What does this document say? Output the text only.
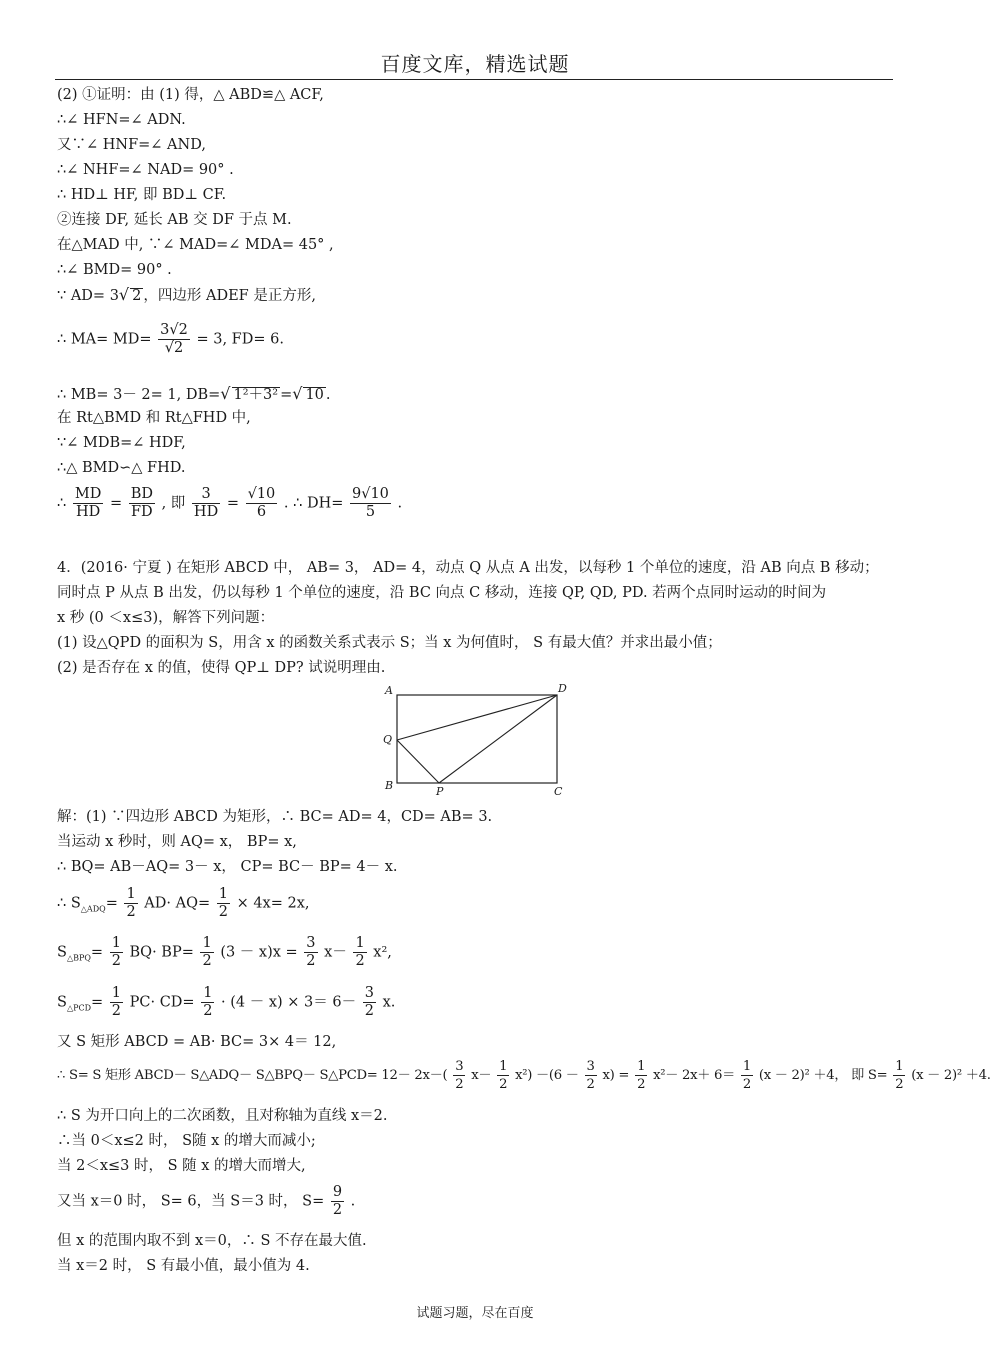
百度文库，精选试题
(2) ①证明：由 (1) 得，△ ABD≌△ ACF,
∴∠ HFN=∠ ADN.
又∵∠ HNF=∠ AND,
∴∠ NHF=∠ NAD= 90° .
∴ HD⊥ HF, 即 BD⊥ CF.
②连接 DF, 延长 AB 交 DF 于点 M.
在△MAD 中, ∵∠ MAD=∠ MDA= 45° ,
∴∠ BMD= 90° .
∵ AD= 3√ 2 ，四边形 ADEF 是正方形,
∴ $MA= MD= \frac{3√2}{√2} = 3$, FD= 6.
∴ MB= 3－ 2= 1, DB=√ 1²＋3² =√ 10 .
在 Rt△BMD 和 Rt△FHD 中,
∵∠ MDB=∠ HDF,
∴△ BMD∽△ FHD.
∴ $\frac{MD}{HD} = \frac{BD}{FD}$ , 即 $\frac{3}{HD} = \frac{√10}{6}$ . ∴ $DH= \frac{9√10}{5}$ .
4．(2016· 宁夏 ) 在矩形 ABCD 中， AB= 3， AD= 4，动点 Q 从点 A 出发，以每秒 1 个单位的速度，沿 AB 向点 B 移动；
同时点 P 从点 B 出发，仍以每秒 1 个单位的速度，沿 BC 向点 C 移动，连接 QP, QD, PD. 若两个点同时运动的时间为
x 秒 (0 ＜x≤3)，解答下列问题：
(1) 设△QPD 的面积为 S，用含 x 的函数关系式表示 S；当 x 为何值时， S 有最大值？并求出最小值；
(2) 是否存在 x 的值，使得 QP⊥ DP? 试说明理由.
A	D
Q
B	P	C
解：(1) ∵四边形 ABCD 为矩形，∴ BC= AD= 4，CD= AB= 3.
当运动 x 秒时，则 AQ= x， BP= x,
∴ BQ= AB－AQ= 3－ x， CP= BC－ BP= 4－ x.
∴ $S_{\triangle ADQ}= \frac{1}{2} AD\cdot AQ= \frac{1}{2} \times 4x= 2x$,
$S_{\triangle BPQ}= \frac{1}{2} BQ\cdot BP= \frac{1}{2} (3 - x)x = \frac{3}{2} x- \frac{1}{2} x^2$,
$S_{\triangle PCD}= \frac{1}{2} PC\cdot CD= \frac{1}{2} \cdot (4 - x) \times 3= 6- \frac{3}{2} x$.
又 S 矩形 ABCD = AB· BC= 3× 4＝ 12,
∴ S= S 矩形 ABCD－ S△ADQ－ S△BPQ－ S△PCD= $12- 2x-( \frac{3}{2} x- \frac{1}{2} x^2) -(6 - \frac{3}{2} x) = \frac{1}{2} x^2- 2x+ 6= \frac{1}{2} (x - 2)^2 +4$， 即 $S= \frac{1}{2} (x - 2)^2 +4$.
∴ S 为开口向上的二次函数，且对称轴为直线 x＝2.
∴当 0＜x≤2 时， S随 x 的增大而减小;
当 2＜x≤3 时， S 随 x 的增大而增大,
又当 x＝0 时， S= 6，当 S＝3 时， $S= \frac{9}{2}$ .
但 x 的范围内取不到 x＝0，∴ S 不存在最大值.
当 x＝2 时， S 有最小值，最小值为 4.
试题习题，尽在百度
